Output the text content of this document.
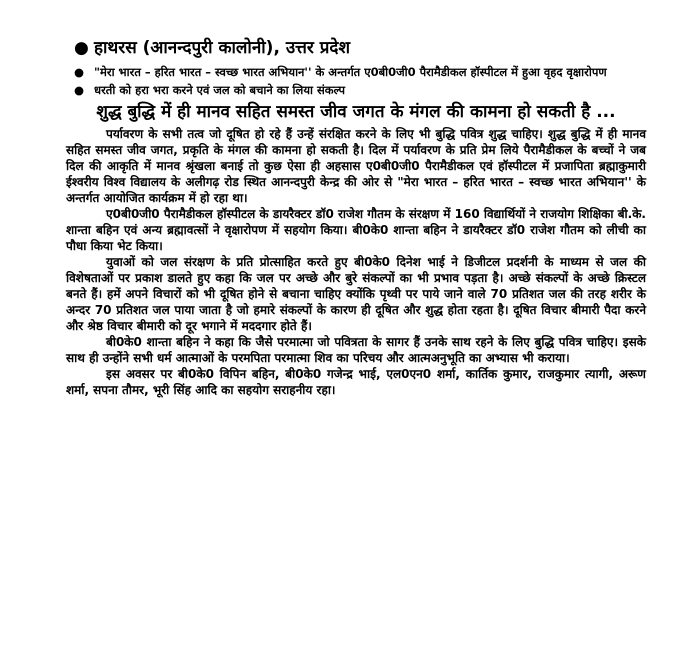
● हाथरस (आनन्दपुरी कालोनी), उत्तर प्रदेश
● "मेरा भारत – हरित भारत – स्वच्छ भारत अभियान'' के अन्तर्गत ए0बी0जी0 पैरामैडीकल हॉस्पीटल में हुआ वृहद वृक्षारोपण
● धरती को हरा भरा करने एवं जल को बचाने का लिया संकल्प
शुद्ध बुद्धि में ही मानव सहित समस्त जीव जगत के मंगल की कामना हो सकती है ...

पर्यावरण के सभी तत्व जो दूषित हो रहे हैं उन्हें संरक्षित करने के लिए भी बुद्धि पवित्र शुद्ध चाहिए। शुद्ध बुद्धि में ही मानव सहित समस्त जीव जगत, प्रकृति के मंगल की कामना हो सकती है। दिल में पर्यावरण के प्रति प्रेम लिये पैरामैडीकल के बच्चों ने जब दिल की आकृति में मानव श्रृंखला बनाई तो कुछ ऐसा ही अहसास ए0बी0जी0 पैरामैडीकल एवं हॉस्पीटल में प्रजापिता ब्रह्माकुमारी ईश्वरीय विश्व विद्यालय के अलीगढ़ रोड स्थित आनन्दपुरी केन्द्र की ओर से "मेरा भारत – हरित भारत – स्वच्छ भारत अभियान'' के अन्तर्गत आयोजित कार्यक्रम में हो रहा था।

ए0बी0जी0 पैरामैडीकल हॉस्पीटल के डायरैक्टर डॉ0 राजेश गौतम के संरक्षण में 160 विद्यार्थियों ने राजयोग शिक्षिका बी.के. शान्ता बहिन एवं अन्य ब्रह्मावत्सों ने वृक्षारोपण में सहयोग किया। बी0के0 शान्ता बहिन ने डायरैक्टर डॉ0 राजेश गौतम को लीची का पौधा किया भेट किया।

युवाओं को जल संरक्षण के प्रति प्रोत्साहित करते हुए बी0के0 दिनेश भाई ने डिजीटल प्रदर्शनी के माध्यम से जल की विशेषताओं पर प्रकाश डालते हुए कहा कि जल पर अच्छे और बुरे संकल्पों का भी प्रभाव पड़ता है। अच्छे संकल्पों के अच्छे क्रिस्टल बनते हैं। हमें अपने विचारों को भी दूषित होने से बचाना चाहिए क्योंकि पृथ्वी पर पाये जाने वाले 70 प्रतिशत जल की तरह शरीर के अन्दर 70 प्रतिशत जल पाया जाता है जो हमारे संकल्पों के कारण ही दूषित और शुद्ध होता रहता है। दूषित विचार बीमारी पैदा करने और श्रेष्ठ विचार बीमारी को दूर भगाने में मददगार होते हैं।

बी0के0 शान्ता बहिन ने कहा कि जैसे परमात्मा जो पवित्रता के सागर हैं उनके साथ रहने के लिए बुद्धि पवित्र चाहिए। इसके साथ ही उन्होंने सभी धर्म आत्माओं के परमपिता परमात्मा शिव का परिचय और आत्मअनुभूति का अभ्यास भी कराया।

इस अवसर पर बी0के0 विपिन बहिन, बी0के0 गजेन्द्र भाई, एल0एन0 शर्मा, कार्तिक कुमार, राजकुमार त्यागी, अरूण शर्मा, सपना तौमर, भूरी सिंह आदि का सहयोग सराहनीय रहा।
